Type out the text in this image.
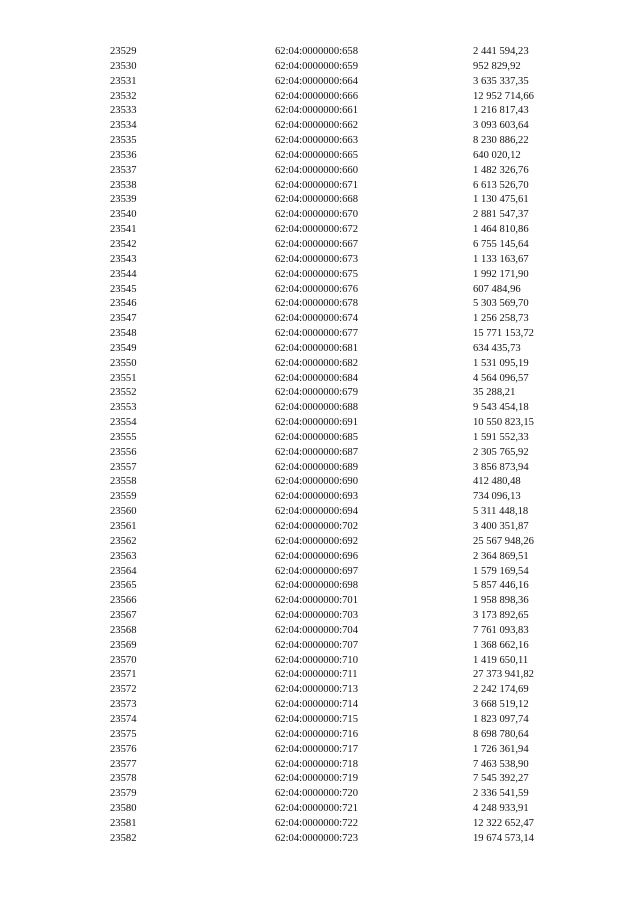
23529	62:04:0000000:658	2 441 594,23
23530	62:04:0000000:659	952 829,92
23531	62:04:0000000:664	3 635 337,35
23532	62:04:0000000:666	12 952 714,66
23533	62:04:0000000:661	1 216 817,43
23534	62:04:0000000:662	3 093 603,64
23535	62:04:0000000:663	8 230 886,22
23536	62:04:0000000:665	640 020,12
23537	62:04:0000000:660	1 482 326,76
23538	62:04:0000000:671	6 613 526,70
23539	62:04:0000000:668	1 130 475,61
23540	62:04:0000000:670	2 881 547,37
23541	62:04:0000000:672	1 464 810,86
23542	62:04:0000000:667	6 755 145,64
23543	62:04:0000000:673	1 133 163,67
23544	62:04:0000000:675	1 992 171,90
23545	62:04:0000000:676	607 484,96
23546	62:04:0000000:678	5 303 569,70
23547	62:04:0000000:674	1 256 258,73
23548	62:04:0000000:677	15 771 153,72
23549	62:04:0000000:681	634 435,73
23550	62:04:0000000:682	1 531 095,19
23551	62:04:0000000:684	4 564 096,57
23552	62:04:0000000:679	35 288,21
23553	62:04:0000000:688	9 543 454,18
23554	62:04:0000000:691	10 550 823,15
23555	62:04:0000000:685	1 591 552,33
23556	62:04:0000000:687	2 305 765,92
23557	62:04:0000000:689	3 856 873,94
23558	62:04:0000000:690	412 480,48
23559	62:04:0000000:693	734 096,13
23560	62:04:0000000:694	5 311 448,18
23561	62:04:0000000:702	3 400 351,87
23562	62:04:0000000:692	25 567 948,26
23563	62:04:0000000:696	2 364 869,51
23564	62:04:0000000:697	1 579 169,54
23565	62:04:0000000:698	5 857 446,16
23566	62:04:0000000:701	1 958 898,36
23567	62:04:0000000:703	3 173 892,65
23568	62:04:0000000:704	7 761 093,83
23569	62:04:0000000:707	1 368 662,16
23570	62:04:0000000:710	1 419 650,11
23571	62:04:0000000:711	27 373 941,82
23572	62:04:0000000:713	2 242 174,69
23573	62:04:0000000:714	3 668 519,12
23574	62:04:0000000:715	1 823 097,74
23575	62:04:0000000:716	8 698 780,64
23576	62:04:0000000:717	1 726 361,94
23577	62:04:0000000:718	7 463 538,90
23578	62:04:0000000:719	7 545 392,27
23579	62:04:0000000:720	2 336 541,59
23580	62:04:0000000:721	4 248 933,91
23581	62:04:0000000:722	12 322 652,47
23582	62:04:0000000:723	19 674 573,14
